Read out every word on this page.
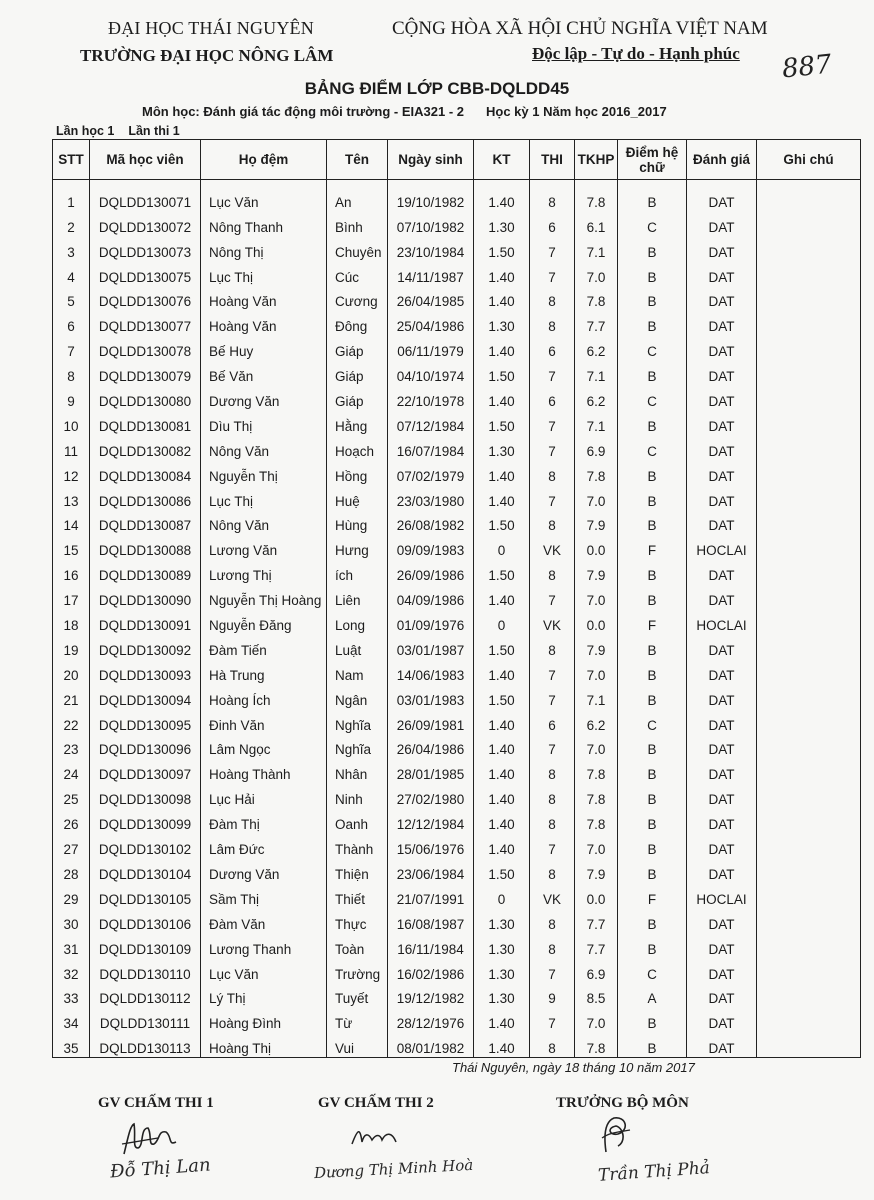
ĐẠI HỌC THÁI NGUYÊN
TRƯỜNG ĐẠI HỌC NÔNG LÂM
CỘNG HÒA XÃ HỘI CHỦ NGHĨA VIỆT NAM
Độc lập - Tự do - Hạnh phúc 887
BẢNG ĐIỂM LỚP CBB-DQLDD45
Môn học: Đánh giá tác động môi trường - EIA321 - 2 Học kỳ 1 Năm học 2016_2017
Lần học 1 Lần thi 1
STT	Mã học viên	Họ đệm	Tên	Ngày sinh	KT	THI	TKHP	Điểm hệ chữ	Đánh giá	Ghi chú
1	DQLDD130071	Lục Văn	An	19/10/1982	1.40	8	7.8	B	DAT	
2	DQLDD130072	Nông Thanh	Bình	07/10/1982	1.30	6	6.1	C	DAT	
3	DQLDD130073	Nông Thị	Chuyên	23/10/1984	1.50	7	7.1	B	DAT	
4	DQLDD130075	Lục Thị	Cúc	14/11/1987	1.40	7	7.0	B	DAT	
5	DQLDD130076	Hoàng Văn	Cương	26/04/1985	1.40	8	7.8	B	DAT	
6	DQLDD130077	Hoàng Văn	Đông	25/04/1986	1.30	8	7.7	B	DAT	
7	DQLDD130078	Bế Huy	Giáp	06/11/1979	1.40	6	6.2	C	DAT	
8	DQLDD130079	Bế Văn	Giáp	04/10/1974	1.50	7	7.1	B	DAT	
9	DQLDD130080	Dương Văn	Giáp	22/10/1978	1.40	6	6.2	C	DAT	
10	DQLDD130081	Dìu Thị	Hằng	07/12/1984	1.50	7	7.1	B	DAT	
11	DQLDD130082	Nông Văn	Hoạch	16/07/1984	1.30	7	6.9	C	DAT	
12	DQLDD130084	Nguyễn Thị	Hồng	07/02/1979	1.40	8	7.8	B	DAT	
13	DQLDD130086	Lục Thị	Huệ	23/03/1980	1.40	7	7.0	B	DAT	
14	DQLDD130087	Nông Văn	Hùng	26/08/1982	1.50	8	7.9	B	DAT	
15	DQLDD130088	Lương Văn	Hưng	09/09/1983	0	VK	0.0	F	HOCLAI	
16	DQLDD130089	Lương Thị	ích	26/09/1986	1.50	8	7.9	B	DAT	
17	DQLDD130090	Nguyễn Thị Hoàng	Liên	04/09/1986	1.40	7	7.0	B	DAT	
18	DQLDD130091	Nguyễn Đăng	Long	01/09/1976	0	VK	0.0	F	HOCLAI	
19	DQLDD130092	Đàm Tiến	Luật	03/01/1987	1.50	8	7.9	B	DAT	
20	DQLDD130093	Hà Trung	Nam	14/06/1983	1.40	7	7.0	B	DAT	
21	DQLDD130094	Hoàng Ích	Ngân	03/01/1983	1.50	7	7.1	B	DAT	
22	DQLDD130095	Đinh Văn	Nghĩa	26/09/1981	1.40	6	6.2	C	DAT	
23	DQLDD130096	Lâm Ngọc	Nghĩa	26/04/1986	1.40	7	7.0	B	DAT	
24	DQLDD130097	Hoàng Thành	Nhân	28/01/1985	1.40	8	7.8	B	DAT	
25	DQLDD130098	Lục Hải	Ninh	27/02/1980	1.40	8	7.8	B	DAT	
26	DQLDD130099	Đàm Thị	Oanh	12/12/1984	1.40	8	7.8	B	DAT	
27	DQLDD130102	Lâm Đức	Thành	15/06/1976	1.40	7	7.0	B	DAT	
28	DQLDD130104	Dương Văn	Thiện	23/06/1984	1.50	8	7.9	B	DAT	
29	DQLDD130105	Sầm Thị	Thiết	21/07/1991	0	VK	0.0	F	HOCLAI	
30	DQLDD130106	Đàm Văn	Thực	16/08/1987	1.30	8	7.7	B	DAT	
31	DQLDD130109	Lương Thanh	Toàn	16/11/1984	1.30	8	7.7	B	DAT	
32	DQLDD130110	Lục Văn	Trường	16/02/1986	1.30	7	6.9	C	DAT	
33	DQLDD130112	Lý Thị	Tuyết	19/12/1982	1.30	9	8.5	A	DAT	
34	DQLDD130111	Hoàng Đình	Từ	28/12/1976	1.40	7	7.0	B	DAT	
35	DQLDD130113	Hoàng Thị	Vui	08/01/1982	1.40	8	7.8	B	DAT	
Thái Nguyên, ngày 18 tháng 10 năm 2017
GV CHẤM THI 1	GV CHẤM THI 2	TRƯỞNG BỘ MÔN
Đỗ Thị Lan	Dương Thị Minh Hoà	Trần Thị Phả
